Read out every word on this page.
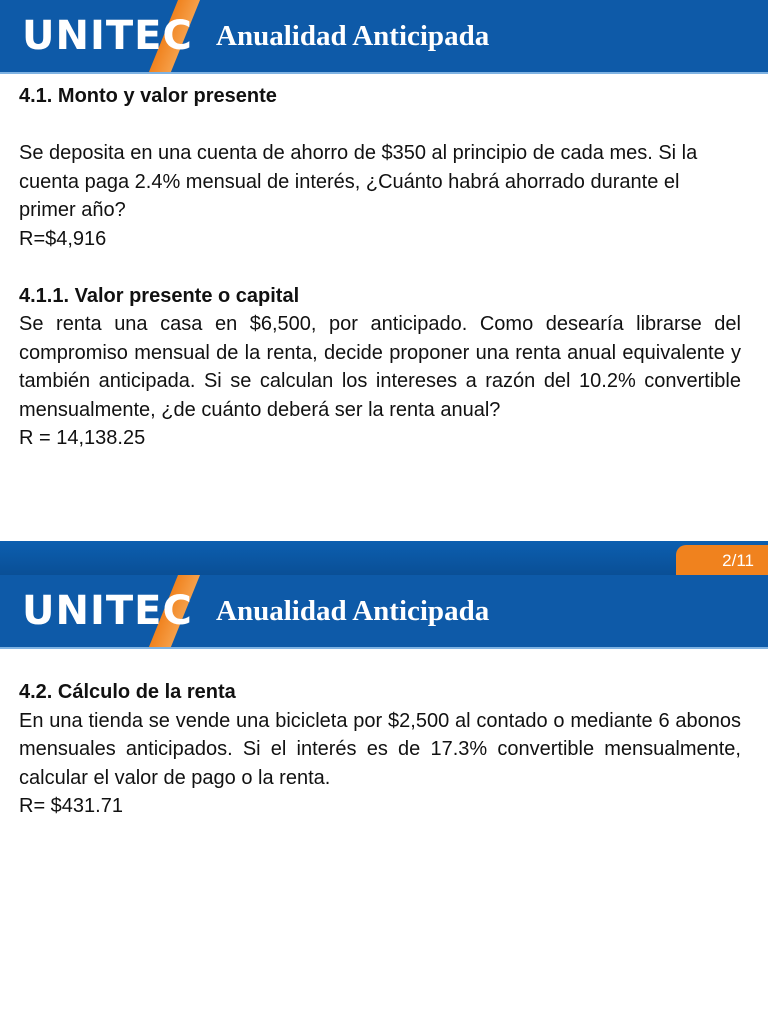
UNITEC Anualidad Anticipada

4.1. Monto y valor presente

Se deposita en una cuenta de ahorro de $350 al principio de cada mes. Si la cuenta paga 2.4% mensual de interés, ¿Cuánto habrá ahorrado durante el primer año?

R=$4,916

4.1.1. Valor presente o capital

Se renta una casa en $6,500, por anticipado. Como desearía librarse del compromiso mensual de la renta, decide proponer una renta anual equivalente y también anticipada. Si se calculan los intereses a razón del 10.2% convertible mensualmente, ¿de cuánto deberá ser la renta anual?

R = 14,138.25

2/11
UNITEC Anualidad Anticipada

4.2. Cálculo de la renta

En una tienda se vende una bicicleta por $2,500 al contado o mediante 6 abonos mensuales anticipados. Si el interés es de 17.3% convertible mensualmente, calcular el valor de pago o la renta.

R= $431.71
